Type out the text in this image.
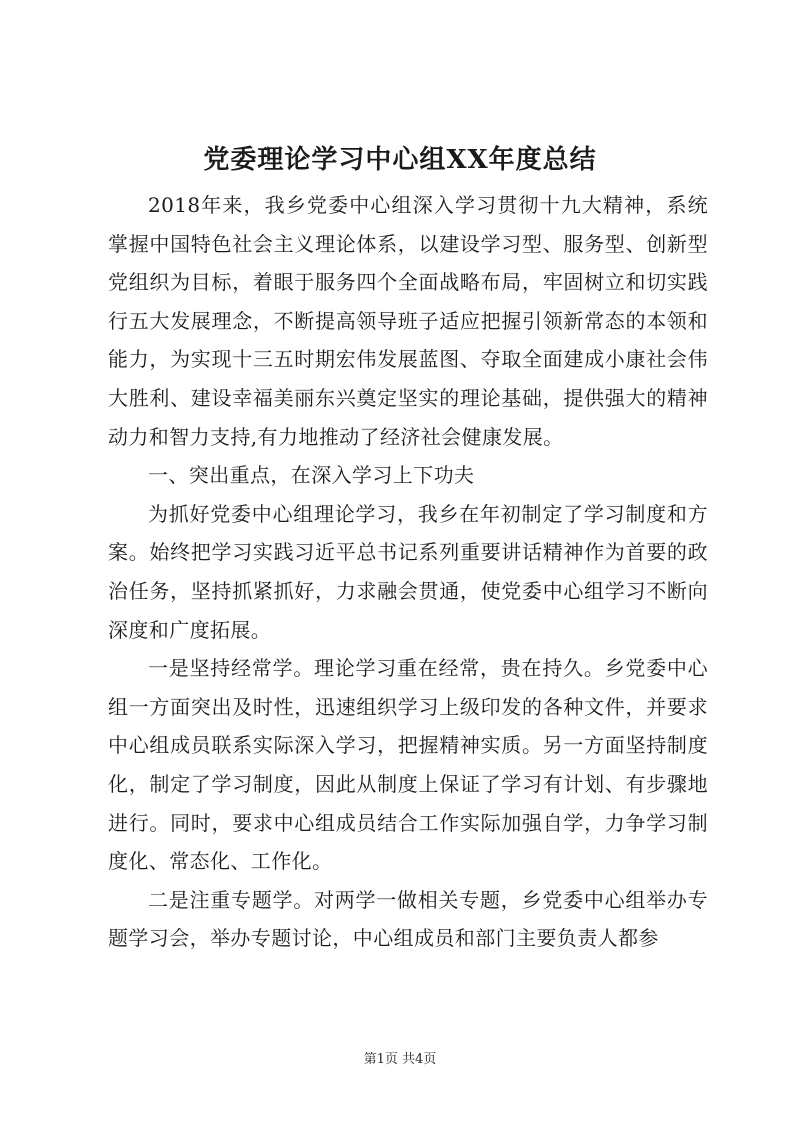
党委理论学习中心组XX年度总结

2018年来，我乡党委中心组深入学习贯彻十九大精神，系统掌握中国特色社会主义理论体系，以建设学习型、服务型、创新型党组织为目标，着眼于服务四个全面战略布局，牢固树立和切实践行五大发展理念，不断提高领导班子适应把握引领新常态的本领和能力，为实现十三五时期宏伟发展蓝图、夺取全面建成小康社会伟大胜利、建设幸福美丽东兴奠定坚实的理论基础，提供强大的精神动力和智力支持,有力地推动了经济社会健康发展。

一、突出重点，在深入学习上下功夫

为抓好党委中心组理论学习，我乡在年初制定了学习制度和方案。始终把学习实践习近平总书记系列重要讲话精神作为首要的政治任务，坚持抓紧抓好，力求融会贯通，使党委中心组学习不断向深度和广度拓展。

一是坚持经常学。理论学习重在经常，贵在持久。乡党委中心组一方面突出及时性，迅速组织学习上级印发的各种文件，并要求中心组成员联系实际深入学习，把握精神实质。另一方面坚持制度化，制定了学习制度，因此从制度上保证了学习有计划、有步骤地进行。同时，要求中心组成员结合工作实际加强自学，力争学习制度化、常态化、工作化。

二是注重专题学。对两学一做相关专题，乡党委中心组举办专题学习会，举办专题讨论，中心组成员和部门主要负责人都参

第1页 共4页
